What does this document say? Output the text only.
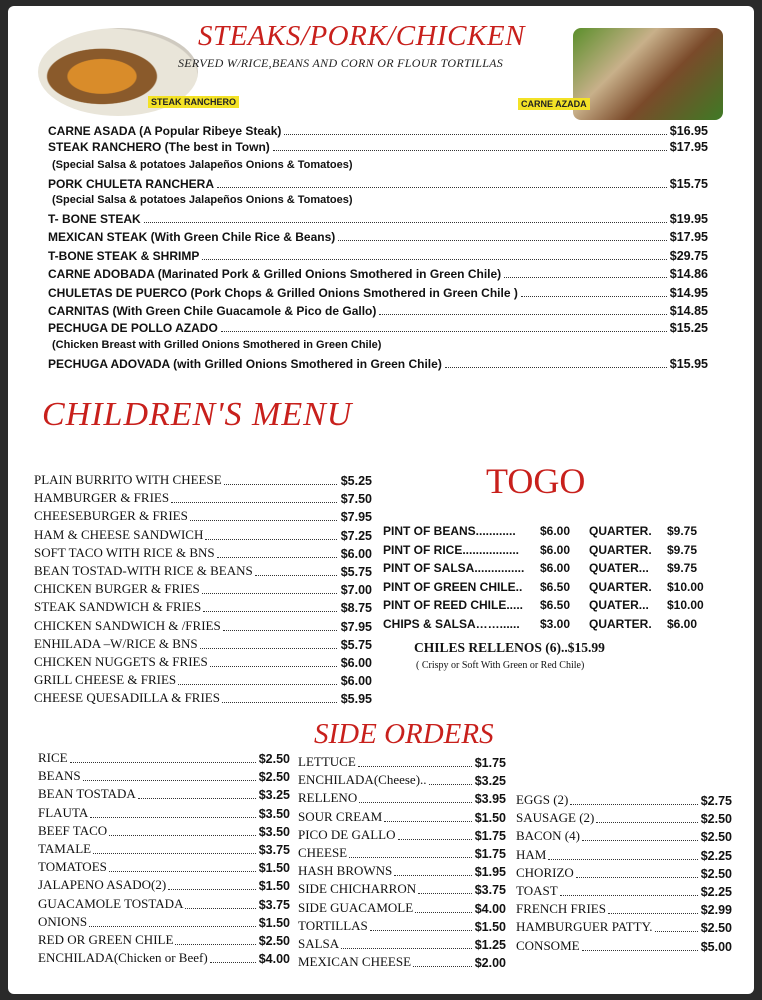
STEAK RANCHERO	CARNE AZADA
STEAKS/PORK/CHICKEN
SERVED W/RICE,BEANS AND CORN OR FLOUR TORTILLAS
CARNE ASADA (A Popular Ribeye Steak)	$16.95
STEAK RANCHERO (The best in Town)	$17.95
(Special Salsa & potatoes Jalapeños Onions & Tomatoes)
PORK CHULETA RANCHERA	$15.75
(Special Salsa & potatoes Jalapeños Onions & Tomatoes)
T- BONE STEAK	$19.95
MEXICAN STEAK (With Green Chile Rice & Beans)	$17.95
T-BONE STEAK & SHRIMP	$29.75
CARNE ADOBADA (Marinated Pork & Grilled Onions Smothered in Green Chile)	$14.86
CHULETAS DE PUERCO (Pork Chops & Grilled Onions Smothered in Green Chile )	$14.95
CARNITAS (With Green Chile Guacamole & Pico de Gallo)	$14.85
PECHUGA DE POLLO AZADO	$15.25
(Chicken Breast with Grilled Onions Smothered in Green Chile)
PECHUGA ADOVADA (with Grilled Onions Smothered in Green Chile)	$15.95
CHILDREN'S MENU
PLAIN BURRITO WITH CHEESE	$5.25
HAMBURGER & FRIES	$7.50
CHEESEBURGER & FRIES	$7.95
HAM & CHEESE SANDWICH	$7.25
SOFT TACO WITH RICE & BNS	$6.00
BEAN TOSTAD-WITH RICE & BEANS	$5.75
CHICKEN BURGER & FRIES	$7.00
STEAK SANDWICH & FRIES	$8.75
CHICKEN SANDWICH & /FRIES	$7.95
ENHILADA –W/RICE & BNS	$5.75
CHICKEN NUGGETS & FRIES	$6.00
GRILL CHEESE & FRIES	$6.00
CHEESE QUESADILLA & FRIES	$5.95
TOGO
PINT OF BEANS............ $6.00 QUARTER. $9.75
PINT OF RICE................. $6.00 QUARTER. $9.75
PINT OF SALSA............... $6.00 QUATER... $9.75
PINT OF GREEN CHILE.. $6.50 QUARTER. $10.00
PINT OF REED CHILE..... $6.50 QUATER... $10.00
CHIPS & SALSA……...... $3.00 QUARTER. $6.00
CHILES RELLENOS (6)..$15.99
( Crispy or Soft With Green or Red Chile)
SIDE ORDERS
RICE	$2.50
BEANS	$2.50
BEAN TOSTADA	$3.25
FLAUTA	$3.50
BEEF TACO	$3.50
TAMALE	$3.75
TOMATOES	$1.50
JALAPENO ASADO(2)	$1.50
GUACAMOLE TOSTADA	$3.75
ONIONS	$1.50
RED OR GREEN CHILE	$2.50
ENCHILADA(Chicken or Beef)	$4.00
LETTUCE	$1.75
ENCHILADA(Cheese)..	$3.25
RELLENO	$3.95
SOUR CREAM	$1.50
PICO DE GALLO	$1.75
CHEESE	$1.75
HASH BROWNS	$1.95
SIDE CHICHARRON	$3.75
SIDE GUACAMOLE	$4.00
TORTILLAS	$1.50
SALSA	$1.25
MEXICAN CHEESE	$2.00
EGGS (2)	$2.75
SAUSAGE (2)	$2.50
BACON (4)	$2.50
HAM	$2.25
CHORIZO	$2.50
TOAST	$2.25
FRENCH FRIES	$2.99
HAMBURGUER PATTY.	$2.50
CONSOME	$5.00
